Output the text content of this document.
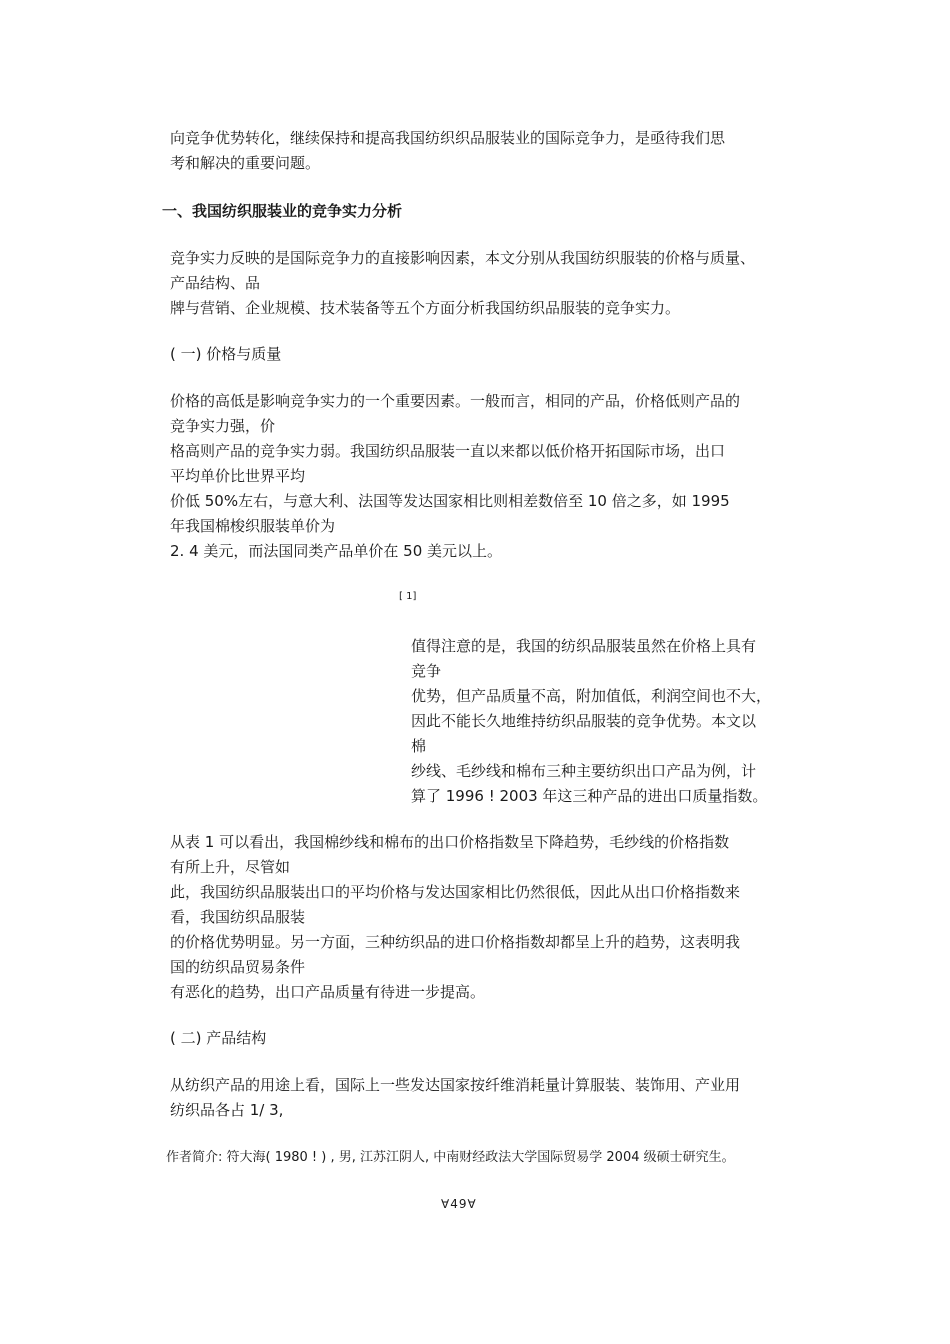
向竞争优势转化，继续保持和提高我国纺织织品服装业的国际竞争力，是亟待我们思
考和解决的重要问题。
一、我国纺织服装业的竞争实力分析
竞争实力反映的是国际竞争力的直接影响因素，本文分别从我国纺织服装的价格与质量、
产品结构、品
牌与营销、企业规模、技术装备等五个方面分析我国纺织品服装的竞争实力。
( 一) 价格与质量
价格的高低是影响竞争实力的一个重要因素。一般而言，相同的产品，价格低则产品的
竞争实力强，价
格高则产品的竞争实力弱。我国纺织品服装一直以来都以低价格开拓国际市场，出口
平均单价比世界平均
价低 50%左右，与意大利、法国等发达国家相比则相差数倍至 10 倍之多，如 1995
年我国棉梭织服装单价为
2. 4 美元，而法国同类产品单价在 50 美元以上。
[ 1]
值得注意的是，我国的纺织品服装虽然在价格上具有
竞争
优势，但产品质量不高，附加值低，利润空间也不大，
因此不能长久地维持纺织品服装的竞争优势。本文以
棉
纱线、毛纱线和棉布三种主要纺织出口产品为例，计
算了 1996 ! 2003 年这三种产品的进出口质量指数。
从表 1 可以看出，我国棉纱线和棉布的出口价格指数呈下降趋势，毛纱线的价格指数
有所上升，尽管如
此，我国纺织品服装出口的平均价格与发达国家相比仍然很低，因此从出口价格指数来
看，我国纺织品服装
的价格优势明显。另一方面，三种纺织品的进口价格指数却都呈上升的趋势，这表明我
国的纺织品贸易条件
有恶化的趋势，出口产品质量有待进一步提高。
( 二) 产品结构
从纺织产品的用途上看，国际上一些发达国家按纤维消耗量计算服装、装饰用、产业用
纺织品各占 1/ 3,
作者简介: 符大海( 1980 ! ) , 男, 江苏江阴人, 中南财经政法大学国际贸易学 2004 级硕士研究生。
∀49∀
